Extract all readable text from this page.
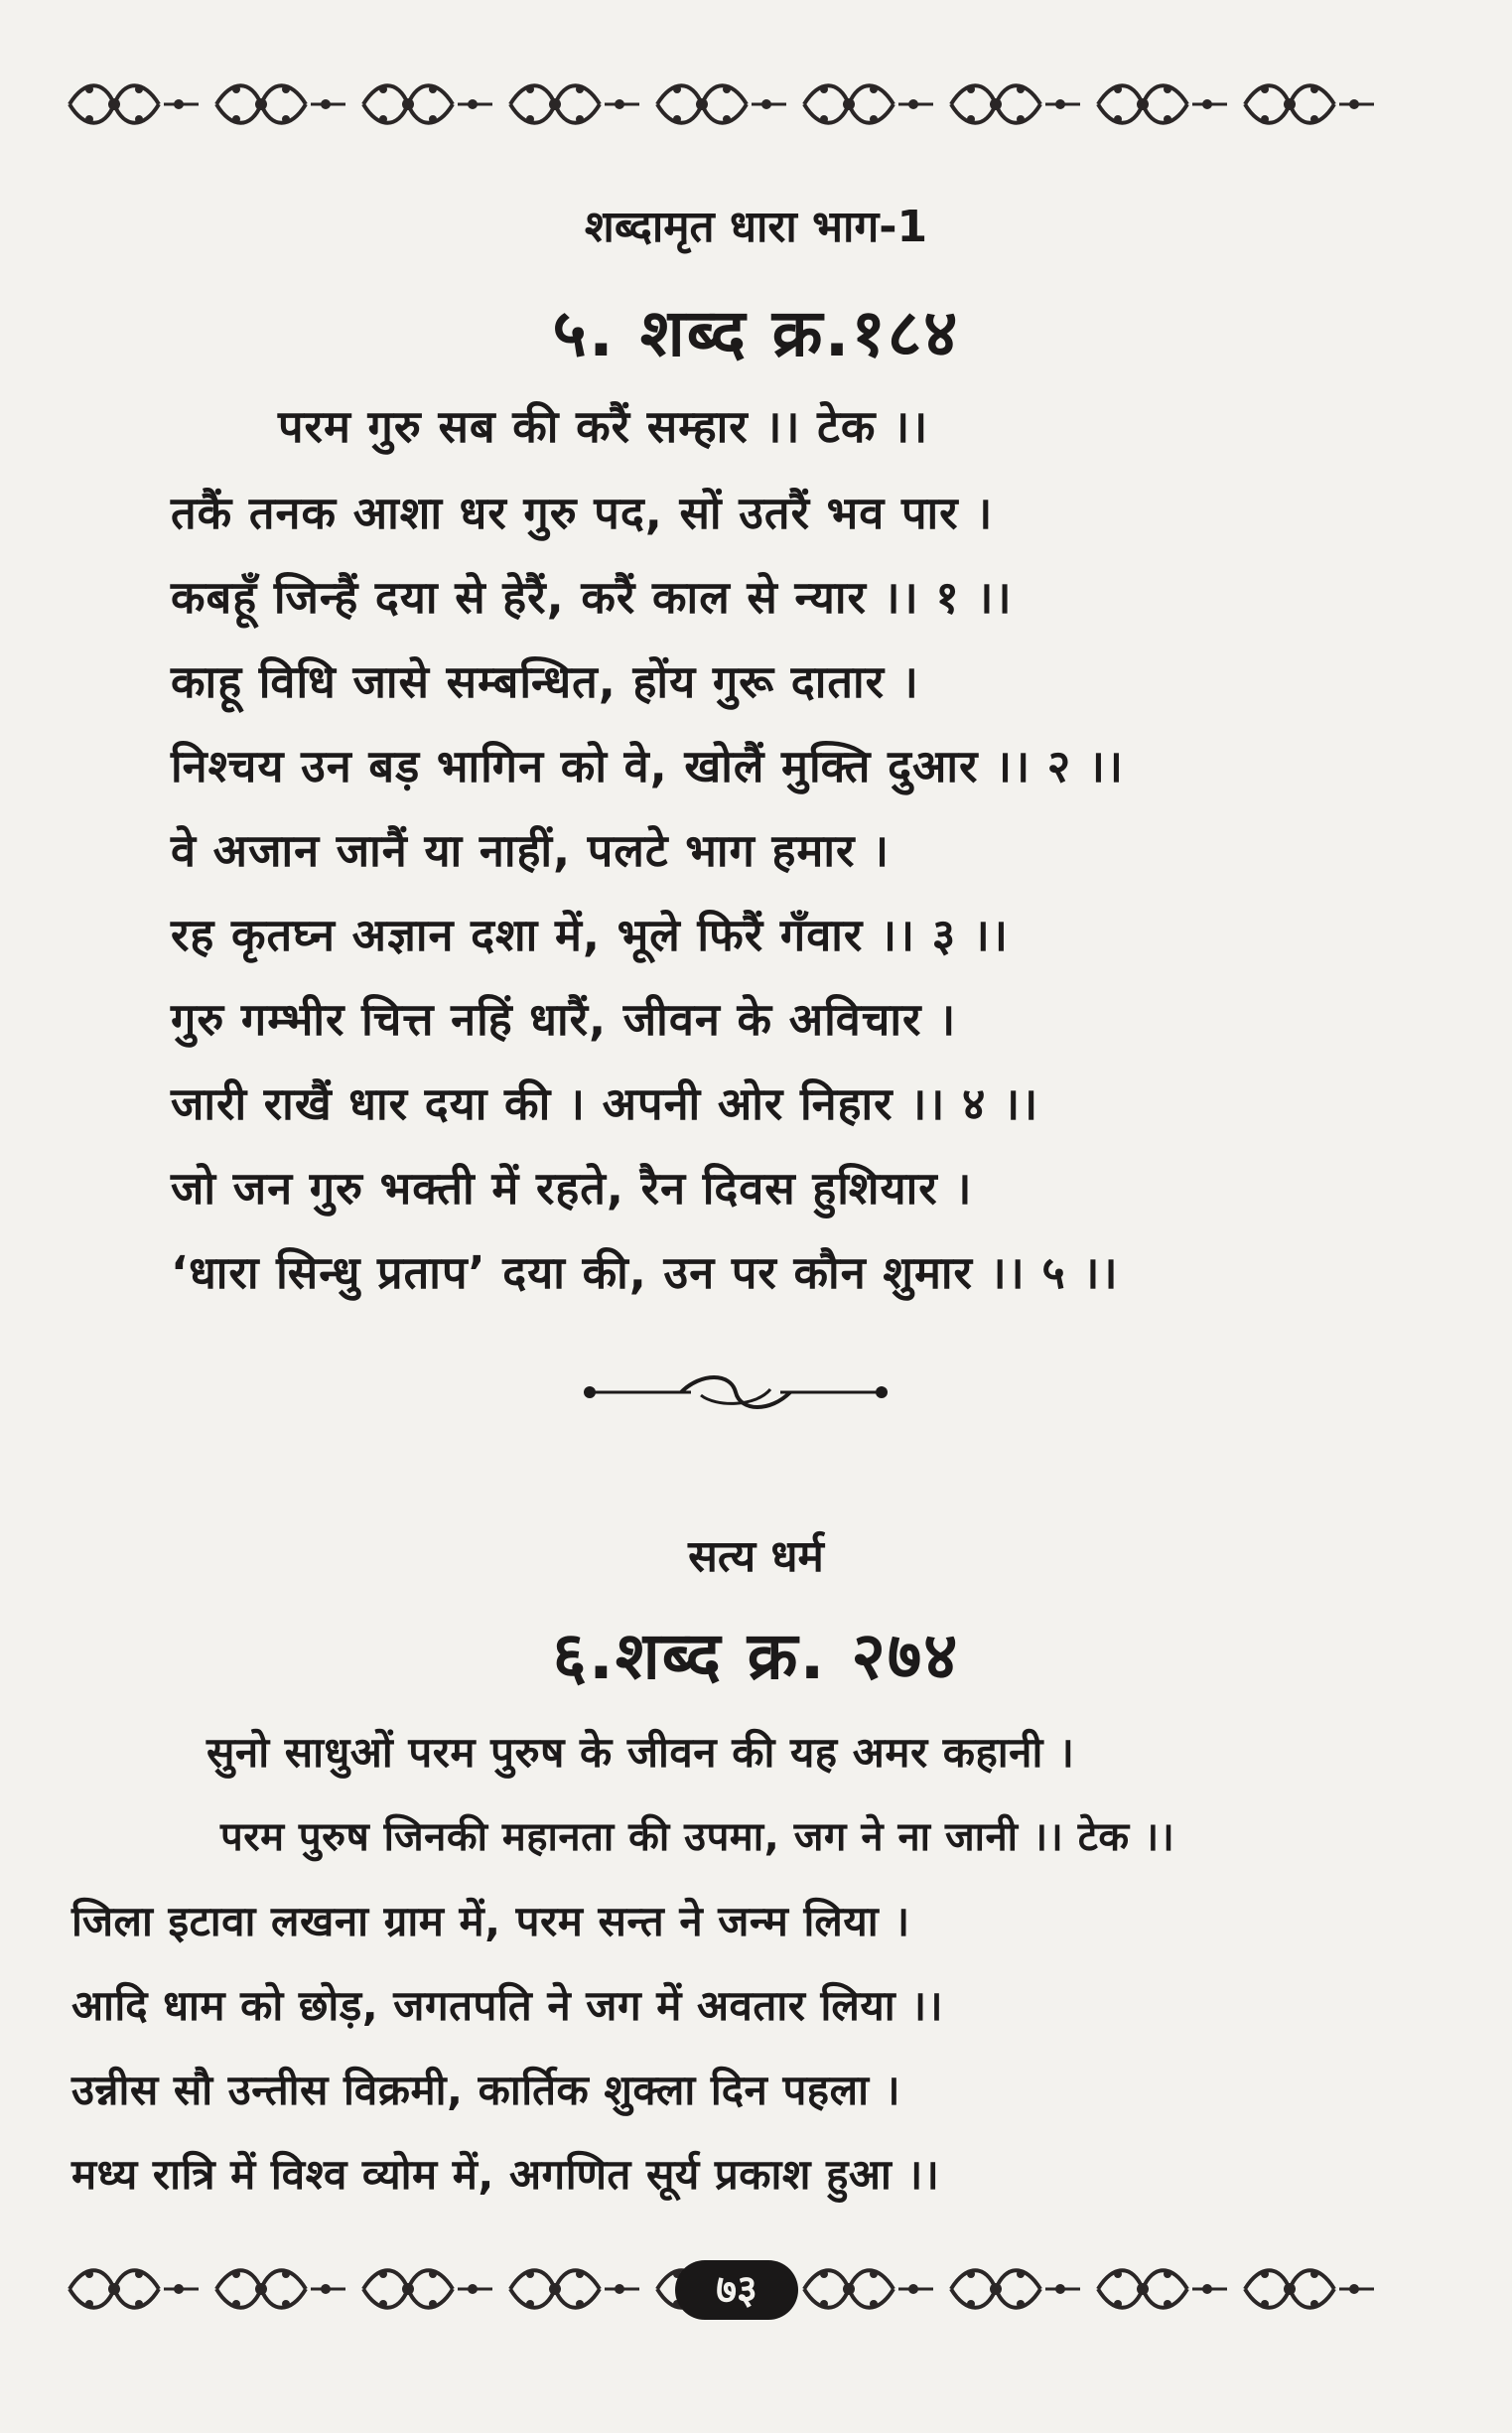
शब्दामृत धारा भाग-1
५. शब्द क्र.१८४
परम गुरु सब की करैं सम्हार ।। टेक ।।
तकैं तनक आशा धर गुरु पद, सों उतरैं भव पार ।
कबहूँ जिन्हैं दया से हेरैं, करैं काल से न्यार ।। १ ।।
काहू विधि जासे सम्बन्धित, होंय गुरू दातार ।
निश्चय उन बड़ भागिन को वे, खोलैं मुक्ति दुआर ।। २ ।।
वे अजान जानैं या नाहीं, पलटे भाग हमार ।
रह कृतघ्न अज्ञान दशा में, भूले फिरैं गँवार ।। ३ ।।
गुरु गम्भीर चित्त नहिं धारैं, जीवन के अविचार ।
जारी राखैं धार दया की । अपनी ओर निहार ।। ४ ।।
जो जन गुरु भक्ती में रहते, रैन दिवस हुशियार ।
‘धारा सिन्धु प्रताप’ दया की, उन पर कौन शुमार ।। ५ ।।
सत्य धर्म
६.शब्द क्र. २७४
सुनो साधुओं परम पुरुष के जीवन की यह अमर कहानी ।
परम पुरुष जिनकी महानता की उपमा, जग ने ना जानी ।। टेक ।।
जिला इटावा लखना ग्राम में, परम सन्त ने जन्म लिया ।
आदि धाम को छोड़, जगतपति ने जग में अवतार लिया ।।
उन्नीस सौ उन्तीस विक्रमी, कार्तिक शुक्ला दिन पहला ।
मध्य रात्रि में विश्व व्योम में, अगणित सूर्य प्रकाश हुआ ।।
७३
